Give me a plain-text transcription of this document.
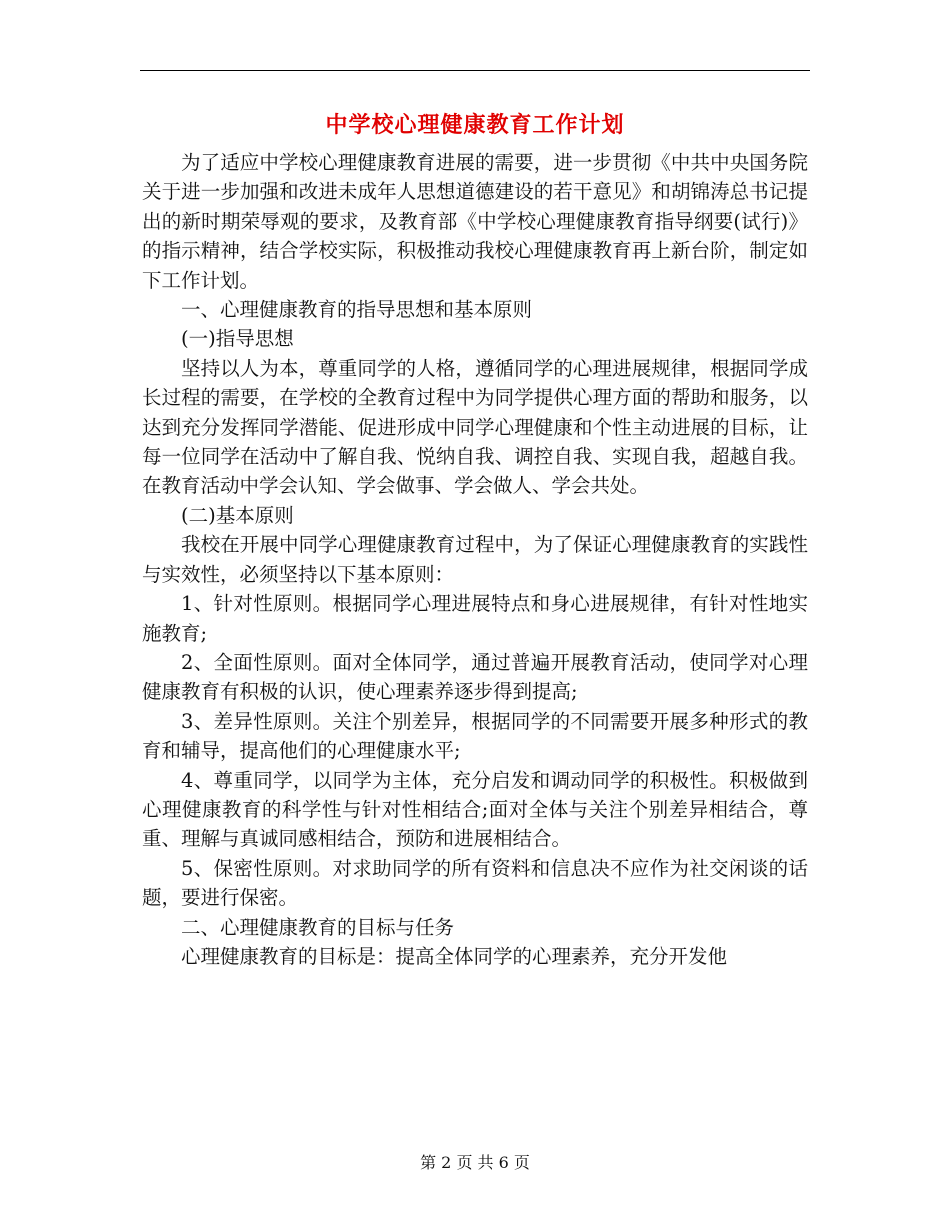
中学校心理健康教育工作计划

为了适应中学校心理健康教育进展的需要，进一步贯彻《中共中央国务院关于进一步加强和改进未成年人思想道德建设的若干意见》和胡锦涛总书记提出的新时期荣辱观的要求，及教育部《中学校心理健康教育指导纲要(试行)》的指示精神，结合学校实际，积极推动我校心理健康教育再上新台阶，制定如下工作计划。

一、心理健康教育的指导思想和基本原则

(一)指导思想

坚持以人为本，尊重同学的人格，遵循同学的心理进展规律，根据同学成长过程的需要，在学校的全教育过程中为同学提供心理方面的帮助和服务，以达到充分发挥同学潜能、促进形成中同学心理健康和个性主动进展的目标，让每一位同学在活动中了解自我、悦纳自我、调控自我、实现自我，超越自我。在教育活动中学会认知、学会做事、学会做人、学会共处。

(二)基本原则

我校在开展中同学心理健康教育过程中，为了保证心理健康教育的实践性与实效性，必须坚持以下基本原则：

1、针对性原则。根据同学心理进展特点和身心进展规律，有针对性地实施教育;

2、全面性原则。面对全体同学，通过普遍开展教育活动，使同学对心理健康教育有积极的认识，使心理素养逐步得到提高;

3、差异性原则。关注个别差异，根据同学的不同需要开展多种形式的教育和辅导，提高他们的心理健康水平;

4、尊重同学，以同学为主体，充分启发和调动同学的积极性。积极做到心理健康教育的科学性与针对性相结合;面对全体与关注个别差异相结合，尊重、理解与真诚同感相结合，预防和进展相结合。

5、保密性原则。对求助同学的所有资料和信息决不应作为社交闲谈的话题，要进行保密。

二、心理健康教育的目标与任务

心理健康教育的目标是：提高全体同学的心理素养，充分开发他

第 2 页 共 6 页
